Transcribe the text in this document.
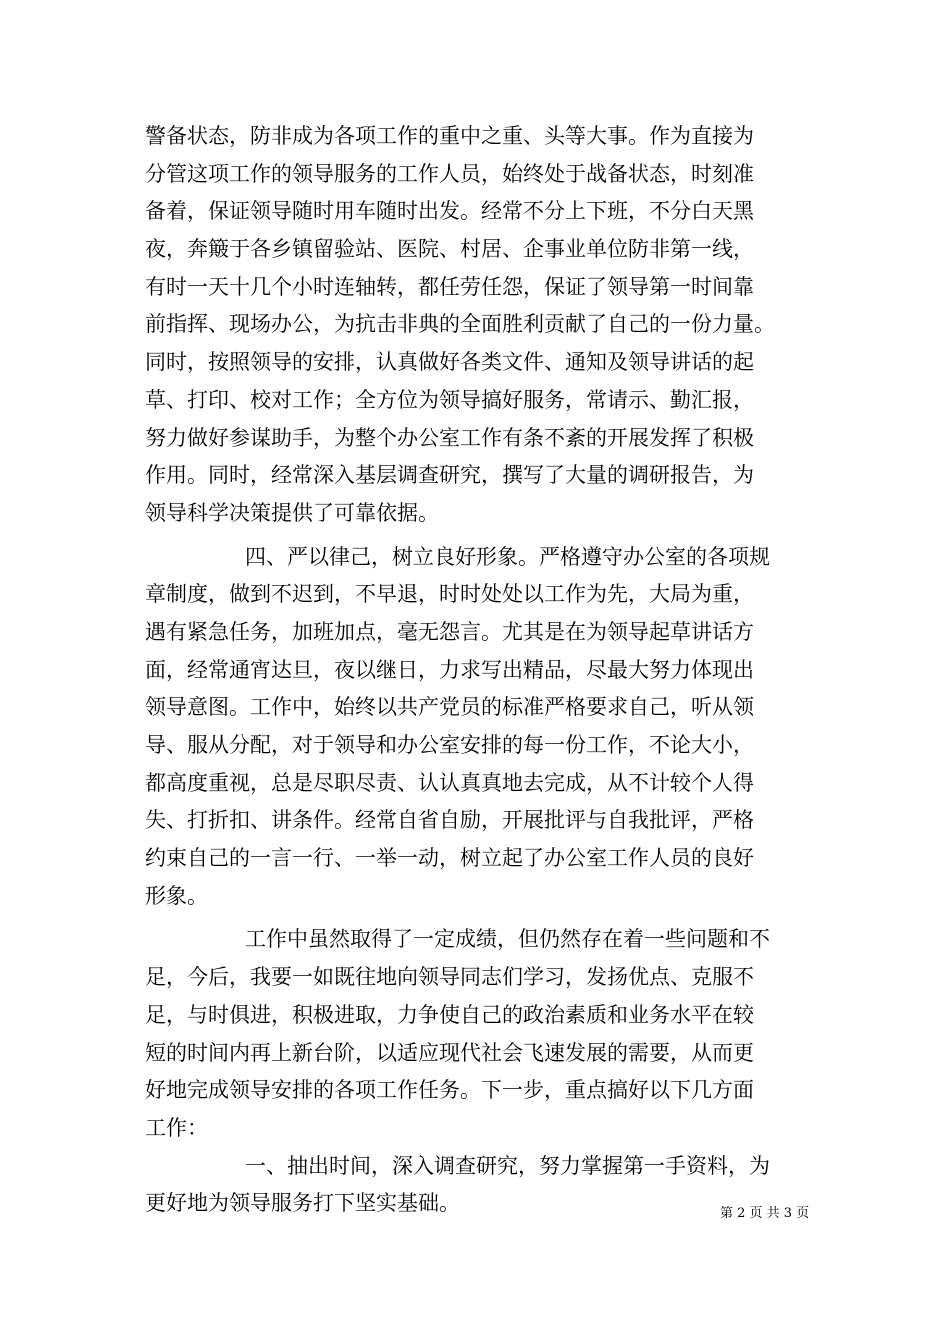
警备状态，防非成为各项工作的重中之重、头等大事。作为直接为
分管这项工作的领导服务的工作人员，始终处于战备状态，时刻准
备着，保证领导随时用车随时出发。经常不分上下班，不分白天黑
夜，奔簸于各乡镇留验站、医院、村居、企事业单位防非第一线，
有时一天十几个小时连轴转，都任劳任怨，保证了领导第一时间靠
前指挥、现场办公，为抗击非典的全面胜利贡献了自己的一份力量。
同时，按照领导的安排，认真做好各类文件、通知及领导讲话的起
草、打印、校对工作；全方位为领导搞好服务，常请示、勤汇报，
努力做好参谋助手，为整个办公室工作有条不紊的开展发挥了积极
作用。同时，经常深入基层调查研究，撰写了大量的调研报告，为
领导科学决策提供了可靠依据。
四、严以律己，树立良好形象。严格遵守办公室的各项规
章制度，做到不迟到，不早退，时时处处以工作为先，大局为重，
遇有紧急任务，加班加点，毫无怨言。尤其是在为领导起草讲话方
面，经常通宵达旦，夜以继日，力求写出精品，尽最大努力体现出
领导意图。工作中，始终以共产党员的标准严格要求自己，听从领
导、服从分配，对于领导和办公室安排的每一份工作，不论大小，
都高度重视，总是尽职尽责、认认真真地去完成，从不计较个人得
失、打折扣、讲条件。经常自省自励，开展批评与自我批评，严格
约束自己的一言一行、一举一动，树立起了办公室工作人员的良好
形象。
工作中虽然取得了一定成绩，但仍然存在着一些问题和不
足，今后，我要一如既往地向领导同志们学习，发扬优点、克服不
足，与时俱进，积极进取，力争使自己的政治素质和业务水平在较
短的时间内再上新台阶，以适应现代社会飞速发展的需要，从而更
好地完成领导安排的各项工作任务。下一步，重点搞好以下几方面
工作：
一、抽出时间，深入调查研究，努力掌握第一手资料，为
更好地为领导服务打下坚实基础。	第 2 页 共 3 页
